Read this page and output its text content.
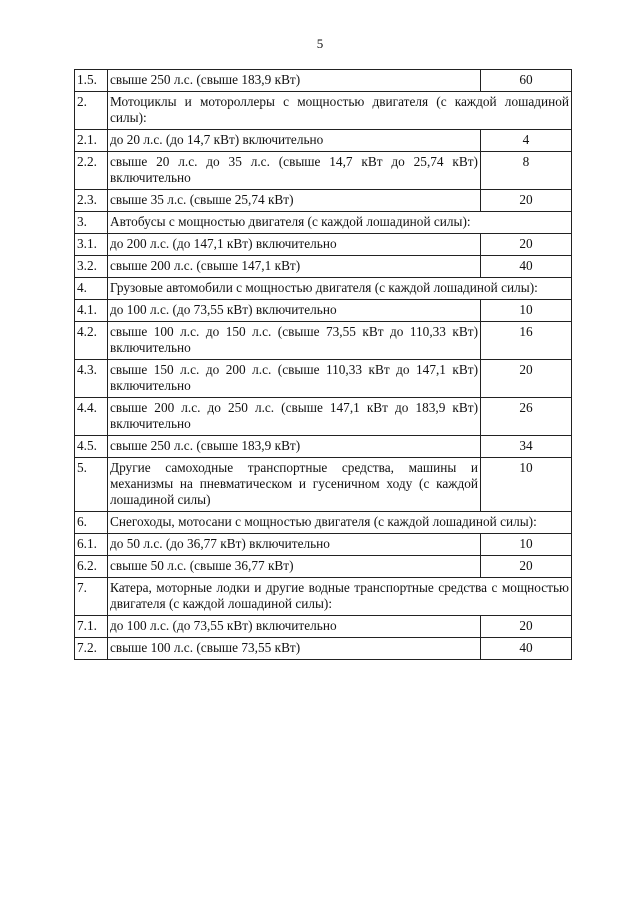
5
1.5.	свыше 250 л.с. (свыше 183,9 кВт)	60
2.	Мотоциклы и мотороллеры с мощностью двигателя (с каждой лошадиной силы):	
2.1.	до 20 л.с. (до 14,7 кВт) включительно	4
2.2.	свыше 20 л.с. до 35 л.с. (свыше 14,7 кВт до 25,74 кВт) включительно	8
2.3.	свыше 35 л.с. (свыше 25,74 кВт)	20
3.	Автобусы с мощностью двигателя (с каждой лошадиной силы):	
3.1.	до 200 л.с. (до 147,1 кВт) включительно	20
3.2.	свыше 200 л.с. (свыше 147,1 кВт)	40
4.	Грузовые автомобили с мощностью двигателя (с каждой лошадиной силы):	
4.1.	до 100 л.с. (до 73,55 кВт) включительно	10
4.2.	свыше 100 л.с. до 150 л.с. (свыше 73,55 кВт до 110,33 кВт) включительно	16
4.3.	свыше 150 л.с. до 200 л.с. (свыше 110,33 кВт до 147,1 кВт) включительно	20
4.4.	свыше 200 л.с. до 250 л.с. (свыше 147,1 кВт до 183,9 кВт) включительно	26
4.5.	свыше 250 л.с. (свыше 183,9 кВт)	34
5.	Другие самоходные транспортные средства, машины и механизмы на пневматическом и гусеничном ходу (с каждой лошадиной силы)	10
6.	Снегоходы, мотосани с мощностью двигателя (с каждой лошадиной силы):	
6.1.	до 50 л.с. (до 36,77 кВт) включительно	10
6.2.	свыше 50 л.с. (свыше 36,77 кВт)	20
7.	Катера, моторные лодки и другие водные транспортные средства с мощностью двигателя (с каждой лошадиной силы):	
7.1.	до 100 л.с. (до 73,55 кВт) включительно	20
7.2.	свыше 100 л.с. (свыше 73,55 кВт)	40
